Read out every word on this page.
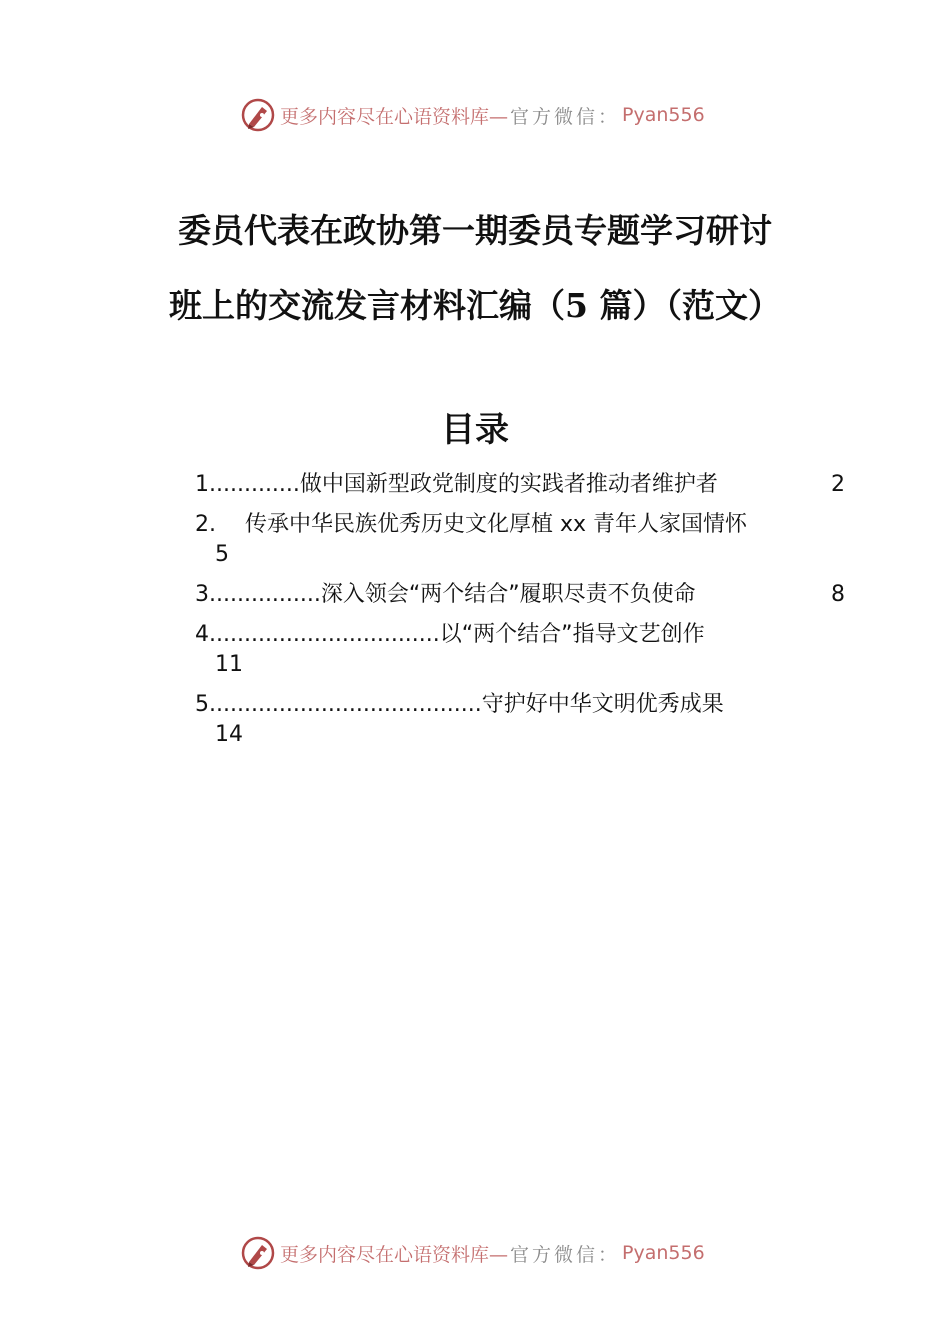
更多内容尽在心语资料库— 官方微信： Pyan556
委员代表在政协第一期委员专题学习研讨
班上的交流发言材料汇编（5 篇）（范文）
目录
1.............做中国新型政党制度的实践者推动者维护者	2
2.　 传承中华民族优秀历史文化厚植 xx 青年人家国情怀
5
3................深入领会“两个结合”履职尽责不负使命	8
4.................................以“两个结合”指导文艺创作
11
5.......................................守护好中华文明优秀成果
14
更多内容尽在心语资料库— 官方微信： Pyan556
